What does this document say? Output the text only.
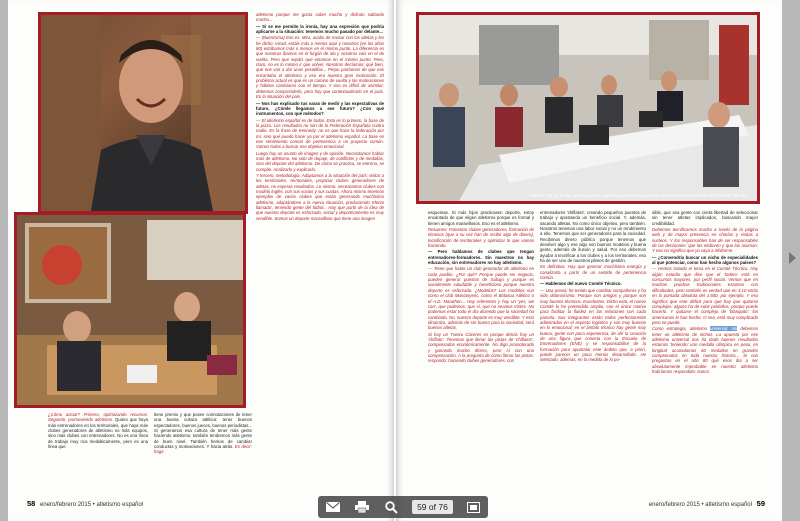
atletismo porque me gusta saber mucho y disfruto saltando mucho...

— Si se me permite la ironía, hay una expresión que podría aplicarse a la situación: tenemos mucho pasado por delante...

— (Buenísima) Eso es. Mira, acabo de revisar con los atletas y les he dicho: mirad, estáis más o menos aquí y nosotros (en los años 80) estábamos más o menos en el mismo punto. La diferencia es que nosotros íbamos en el furgón de ida y vosotros vais en el de vuelta. Pero que sepáis que estamos en el mismo punto. Pero, claro, no es lo mismo ir que volver. Nosotros decíamos: qué bien, que nos van a dar unas pesetillas... Perpo partíamos de que nos encantaba el atletismo y eso era nuestra gran motivación. El problema actual es que es un camino de vuelta y las motivaciones y hábitos cambiaron con el tiempo. Y eso es difícil de asimilar: debemos comprenderlo, pero hay que contextualizarlo en el país. En la situación del país.

— Nos has explicado tus varas de medir y las expectativas de futuro. ¿Cómle llegamos a ese futuro? ¿Con qué instrumentos, con qué métodos?

— El atletismo español es de todos. Esto es lo primero, la base de la pizza. Los resultados no son de la Federación Española contra nadie. Es la frase de Kennedy: no es que hace la federación por mí, sino qué puedo hacer yo por el atletismo español. La base es ese sentimiento común de pertenencia a un proyecto común. Vamos todos a buscar ese objetivo emocional.

Luego hay un asunto de imagen y de opinión. Necesitamos hablar más de atletismo. No solo de dopaje, de conflictos y de medallas, sino del deporte del atletismo. De cómo se practica, se entrena, se compite. Analizarlo y explicarlo.

Y tercero, metodología. Adaptamos a la situación del país: visitar a los territoriales, territoriales, propiciar clubes generadores de atletas, no esperas resultados. Lo mismo: necesitamos clubes con modelo inglés, con sus socios y sus cuotas. Ahora mismo tenemos ejemplos de varios clubes que están generando muchísimo atletismo, adaptándose a la nueva situación, produciendo 'efecto llamada', teniendo gente del fútbol... Hay que partir de la idea de que nuestro deporte es esforzado, social y deportivamente es muy vendible. Somos un deporte maravilloso que tiene una imagen

¿Cómo actuar? Primero, optimizando recursos. Segundo, promoviendo atletismo. Quiero que haya más entrenadores en los territoriales, que haya más clubes generadores de atletismo no más equipos, sino más clubes con entrenadores. No es una línea de trabajo muy rica mediáticamente, pero es una línea que
tiene premio y que posee connotaciones de tener una buena cultura atlética: tener buenos espectadores, buenos jueces, buenos periodistas... Si generamos esa cultura de tener más gente haciendo atletismo, también tendremos más gente de buen nivel. También hemos de cambiar conductas y motivaciones. Y hacia atrás. Es decir: haga
58 enero/febrero 2015 • atletismo español
Ramón Cid, al fondo, en la primera reunión que mantuvo con los nuevos Responsables del Comité Técnico.

esquemas. Si más hijos practicasen deporte, estoy encantado de que eligen atletismo porque es formal y tienen amigos maravillosos. Eso es el atletismo.

Resumen: Fomentar clubes generadores, formación de técnicos (que a su vez han de recibir algo de dinero), tecnificación de territoriales y optimizar lo que vamos haciendo.

— Pero hablamos de clubes que tengan entrenadores-formadores. Sin maestros no hay educación, sin entrenadores no hay atletismo.

— Tiene que haber un club generador de atletismo en cada pueblo. ¿Por qué? Porque puede ser negocio, pueden generar puestos de trabajo y porque es socialmente saludable y beneficioso porque nuestro deporte es esforzado. ¿Modelos? Los modelos son como el club Muntanyenc, como el Bidasoa Atlético o el A.D. Marathon... Hay referentes y hay un 'yes, we can', que podemos, que sí, que no seamos tristes. No podemos estar todo el día diciendo que la sociedad ha cambiado. No, nuestro deporte es muy vendible. Y esto dinamiza, además de ser bueno para la sociedad, será buenos atletas.

Si hay un Txetxu Cáceres es porque detrás hay un 'chiflato'. Tenemos que llenar las pistas de 'chiflatos', compensados económicamente. No digo promotorado y ganando mucho dinero, pero sí con una compensación. A la pregunta de cómo llenar las pistas, respondo: haciendo clubes generadores, con

entrenadores 'chiflatos', creando pequeños puestos de trabajo y apostando un beneficio social. Y, además, sacando atletas. No como único objetivo, pero también. Nosotros tenemos una labor social y no un rendimiento a ello. Tenemos que ser generadores para la sociedad. Recibimos dinero público porque tenemos que devolver algo y ese algo son buenos modelos y buena gente, además de ilusión y salud. Por eso debemos ayudar a tecnificar a los clubes y a los territoriales; eso ha de ser uno de nuestros pilares de gestión.

En definitiva. Hay que generar muchísima energía y canalizarla a partir de un sentido de pertenencia común.

— Hablemos del nuevo Comité Técnico.

— Una previa: he tenido que cambiar compañeros y ha sido dolorosísimo. Porque son amigos y porque son muy buenos técnicos. Excelentes. Dicho esto, el nuevo Comité lo he pretendido amplio, con el único motivo para facilitar la fluidez en las relaciones con cada parcela. Sus integrantes están todos perfectamente adiestrados en el aspecto logístico y son muy buenos en lo emocional; en el ámbito técnico hay gente muy buena, gente con poca experiencia, de ahí la creación de una figura que conecta con la Escuela de Entrenadores (ENE) y se responsabilice de la formación para apuntalar este ámbito que, a priori, puede parecer un poco menos desarrollado. He intentado, además, en la medida de lo po-

sible, que sea gente con cierta libertad de seleccionar sin tener atletas implicados, buscando mayor credibilidad.

Debemos tecnificarnos mucho a través de la página web y de mayor presencia en charlas y visitas a nucleos. Y los responsables han de ser responsables de las decisiones: que las elaboren y que las asuman. Y eso no significa que yo vaya a inhibirme.

— ¿Convendría buscar un nicho de especialidades al que potenciar, como han hecho algunos países?

— Hemos tratado el tema en el Comité Técnico. Hay algún estudio que dice que el 'todero' está en concursos mayores, por perfil social. Vemos que en muchas pruebas tradicionales estamos con dificultades, pero también es verdad que en 3.10 estás en la pomada absoluta del 1.500, por ejemplo. Y eso significa que este déficit para que hay que quitarse complejos: alguno ha de subir peldaños, porque puede hacerlo. Y quitarse el complejo de 'blanquito': los americanos lo han hecho. O sea, está muy complicado pero se puede.

Como estrategia, atletismo universal. No debemos tener un atletismo de nichos. La apuesta por ese atletismo universal nos ha dado buenos resultados estamos 'teniendo' uno medalla olímpica en peso, en longitud acumulamos 60 medallas en grandes campeonatos en toda nuestra historia... Si nos preguntan en el año 80 qué esos iba a ser absolutamente improbable en nuestro atletismo habríamos respondido: nunca

enero/febrero 2015 • atletismo español 59
59 of 76
